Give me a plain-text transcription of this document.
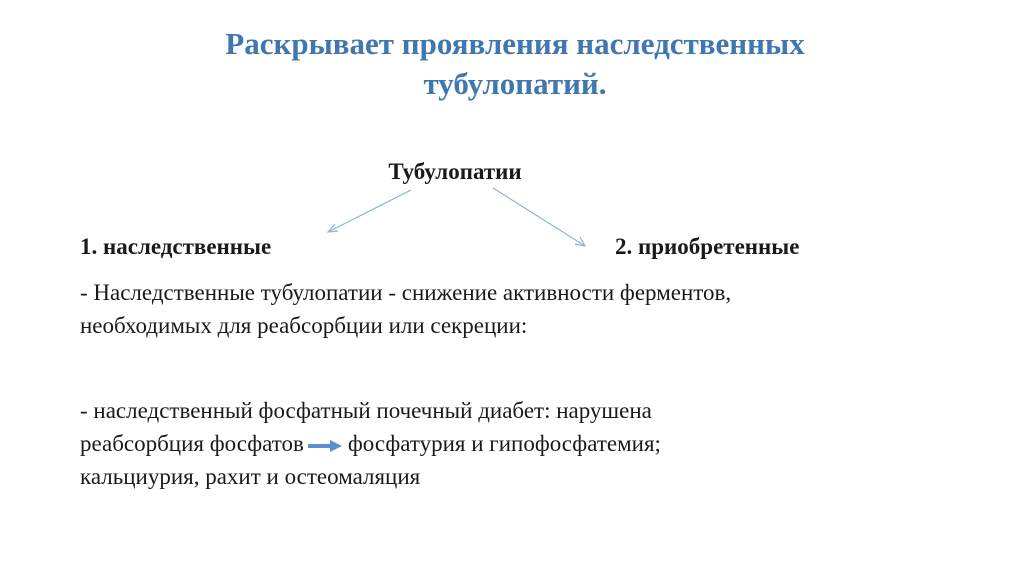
Раскрывает проявления наследственных
тубулопатий.
Тубулопатии
1. наследственные	2. приобретенные
- Наследственные тубулопатии - снижение активности ферментов,
необходимых для реабсорбции или секреции:
- наследственный фосфатный почечный диабет: нарушена
реабсорбция фосфатов фосфатурия и гипофосфатемия;
кальциурия, рахит и остеомаляция
